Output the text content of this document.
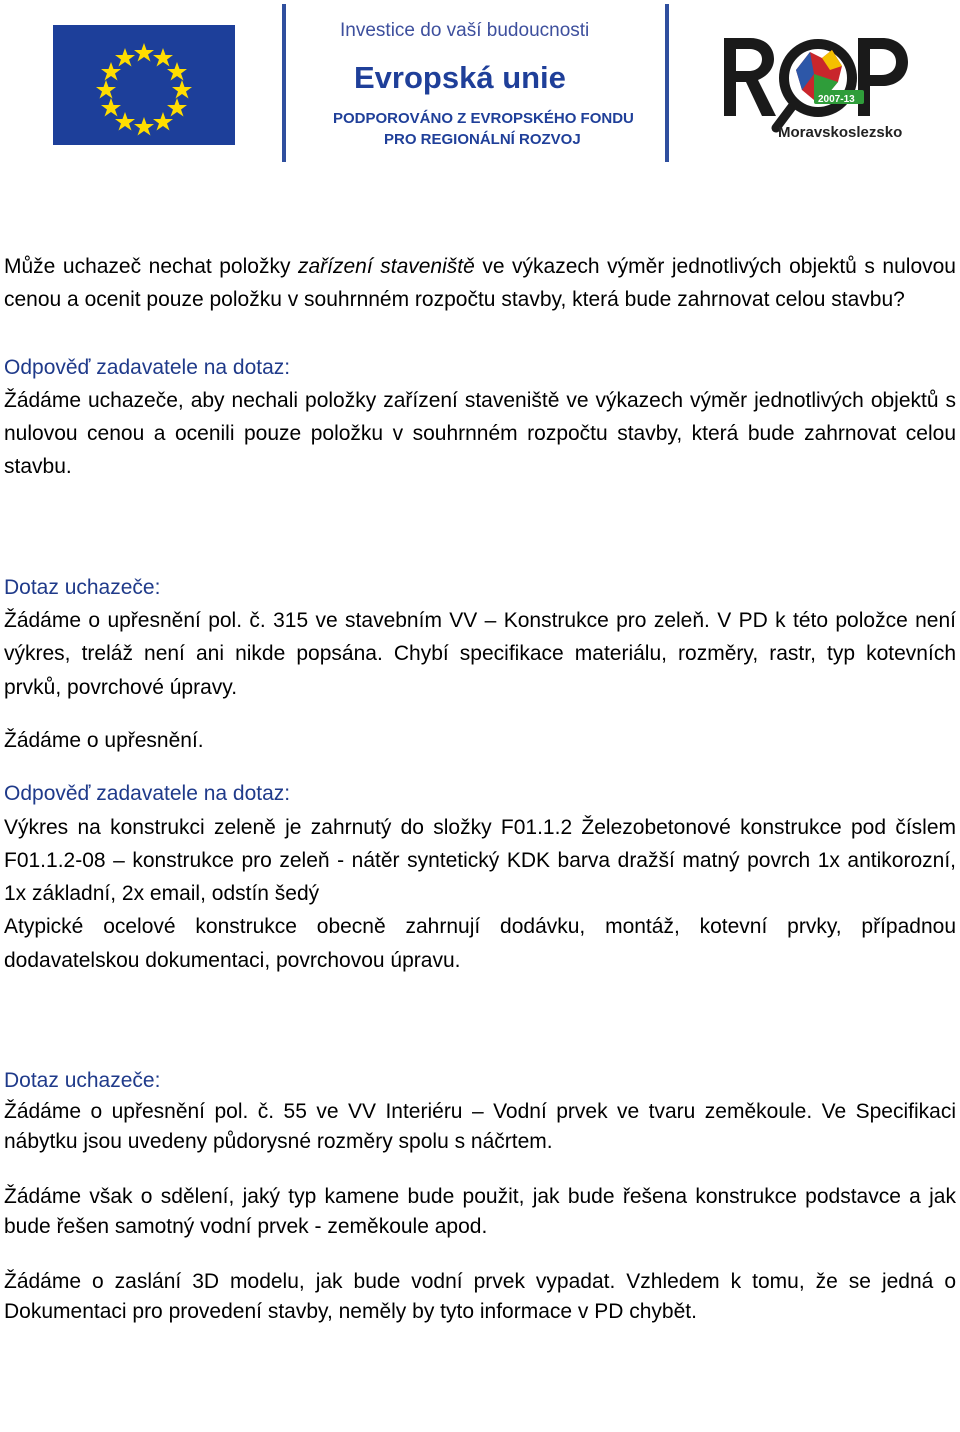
Investice do vaší budoucnosti
Evropská unie
PODPOROVÁNO Z EVROPSKÉHO FONDU
PRO REGIONÁLNÍ ROZVOJ
2007-13
Moravskoslezsko

Může uchazeč nechat položky zařízení staveniště ve výkazech výměr jednotlivých objektů s nulovou cenou a ocenit pouze položku v souhrnném rozpočtu stavby, která bude zahrnovat celou stavbu?

Odpověď zadavatele na dotaz:

Žádáme uchazeče, aby nechali položky zařízení staveniště ve výkazech výměr jednotlivých objektů s nulovou cenou a ocenili pouze položku v souhrnném rozpočtu stavby, která bude zahrnovat celou stavbu.

Dotaz uchazeče:

Žádáme o upřesnění pol. č. 315 ve stavebním VV – Konstrukce pro zeleň. V PD k této položce není výkres, treláž není ani nikde popsána. Chybí specifikace materiálu, rozměry, rastr, typ kotevních prvků, povrchové úpravy.

Žádáme o upřesnění.

Odpověď zadavatele na dotaz:

Výkres na konstrukci zeleně je zahrnutý do složky F01.1.2 Železobetonové konstrukce pod číslem F01.1.2-08 – konstrukce pro zeleň - nátěr syntetický KDK barva dražší matný povrch 1x antikorozní, 1x základní, 2x email, odstín šedý

Atypické ocelové konstrukce obecně zahrnují dodávku, montáž, kotevní prvky, případnou dodavatelskou dokumentaci, povrchovou úpravu.

Dotaz uchazeče:

Žádáme o upřesnění pol. č. 55 ve VV Interiéru – Vodní prvek ve tvaru zeměkoule. Ve Specifikaci nábytku jsou uvedeny půdorysné rozměry spolu s náčrtem.

Žádáme však o sdělení, jaký typ kamene bude použit, jak bude řešena konstrukce podstavce a jak bude řešen samotný vodní prvek - zeměkoule apod.

Žádáme o zaslání 3D modelu, jak bude vodní prvek vypadat. Vzhledem k tomu, že se jedná o Dokumentaci pro provedení stavby, neměly by tyto informace v PD chybět.
